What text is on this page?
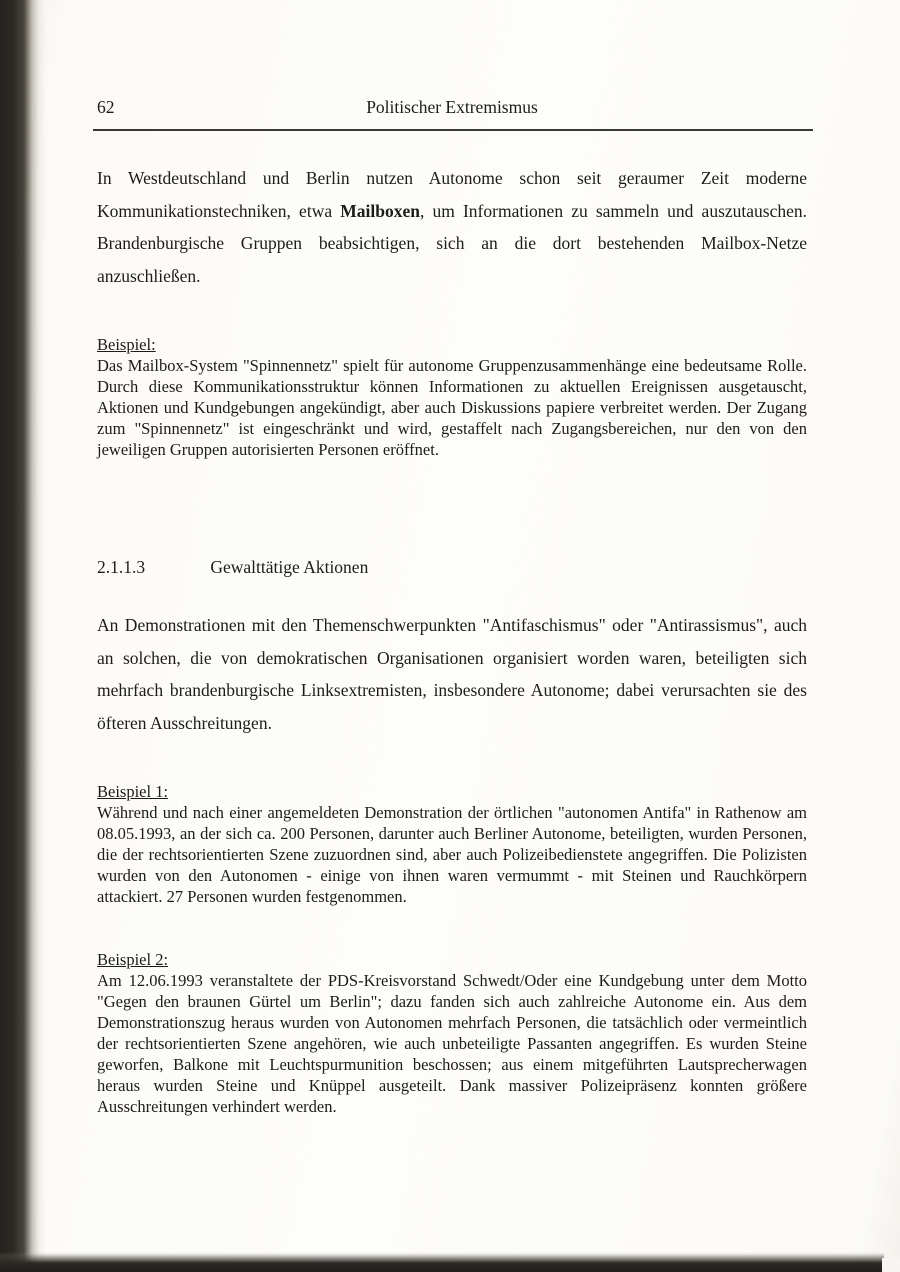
62	Politischer Extremismus

In Westdeutschland und Berlin nutzen Autonome schon seit geraumer Zeit moderne Kommunikationstechniken, etwa Mailboxen, um Informationen zu sammeln und auszutauschen. Brandenburgische Gruppen beabsichtigen, sich an die dort bestehenden Mailbox-Netze anzuschließen.

Beispiel:
Das Mailbox-System "Spinnennetz" spielt für autonome Gruppenzusammenhänge eine bedeutsame Rolle. Durch diese Kommunikationsstruktur können Informationen zu aktuellen Ereignissen ausgetauscht, Aktionen und Kundgebungen angekündigt, aber auch Diskussions papiere verbreitet werden. Der Zugang zum "Spinnennetz" ist eingeschränkt und wird, gestaffelt nach Zugangsbereichen, nur den von den jeweiligen Gruppen autorisierten Personen eröffnet.
2.1.1.3	Gewalttätige Aktionen

An Demonstrationen mit den Themenschwerpunkten "Antifaschismus" oder "Antirassismus", auch an solchen, die von demokratischen Organisationen organisiert worden waren, beteiligten sich mehrfach brandenburgische Linksextremisten, insbesondere Autonome; dabei verursachten sie des öfteren Ausschreitungen.

Beispiel 1:
Während und nach einer angemeldeten Demonstration der örtlichen "autonomen Antifa" in Rathenow am 08.05.1993, an der sich ca. 200 Personen, darunter auch Berliner Autonome, beteiligten, wurden Personen, die der rechtsorientierten Szene zuzuordnen sind, aber auch Polizeibedienstete angegriffen. Die Polizisten wurden von den Autonomen - einige von ihnen waren vermummt - mit Steinen und Rauchkörpern attackiert. 27 Personen wurden festgenommen.
Beispiel 2:
Am 12.06.1993 veranstaltete der PDS-Kreisvorstand Schwedt/Oder eine Kundgebung unter dem Motto "Gegen den braunen Gürtel um Berlin"; dazu fanden sich auch zahlreiche Autonome ein. Aus dem Demonstrationszug heraus wurden von Autonomen mehrfach Personen, die tatsächlich oder vermeintlich der rechtsorientierten Szene angehören, wie auch unbeteiligte Passanten angegriffen. Es wurden Steine geworfen, Balkone mit Leuchtspurmunition beschossen; aus einem mitgeführten Lautsprecherwagen heraus wurden Steine und Knüppel ausgeteilt. Dank massiver Polizeipräsenz konnten größere Ausschreitungen verhindert werden.
